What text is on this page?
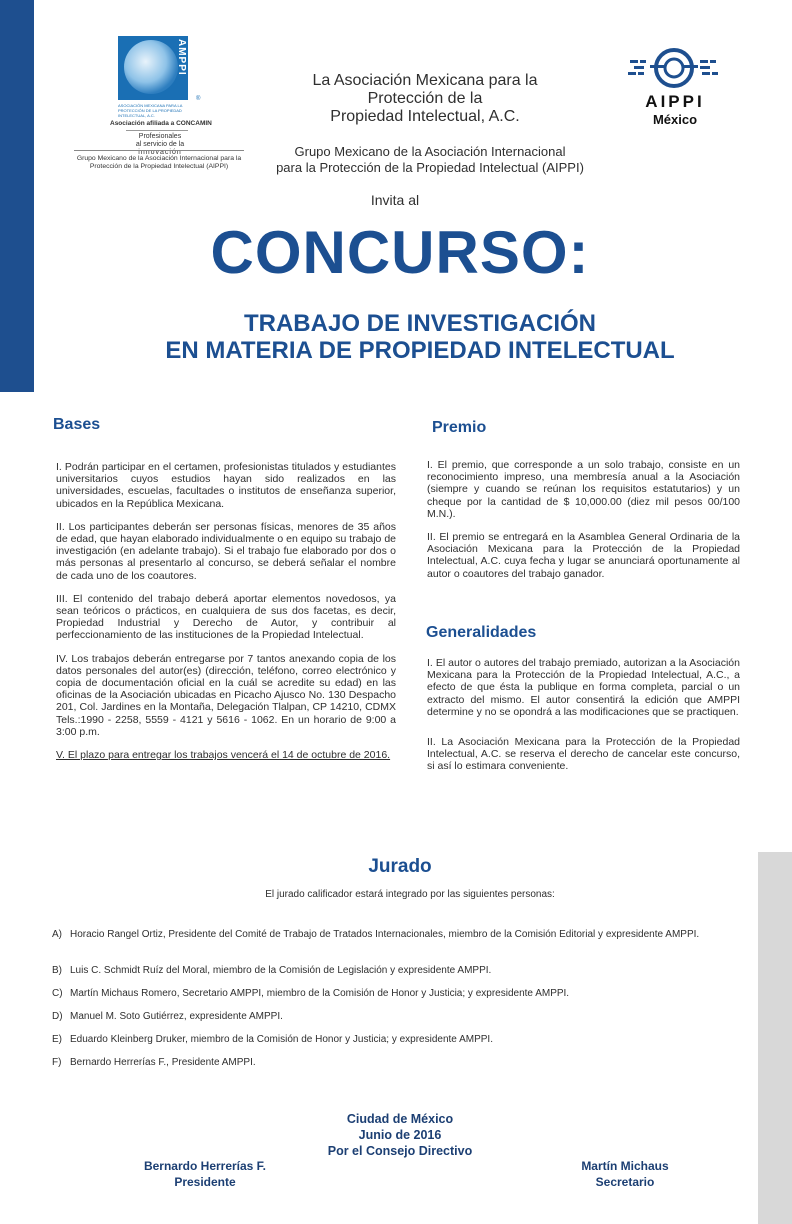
AMPPI
®
ASOCIACIÓN MEXICANA PARA LA PROTECCIÓN DE LA PROPIEDAD INTELECTUAL, A.C.
Asociación afiliada a CONCAMIN
Profesionales
al servicio de la
innovación
Grupo Mexicano de la Asociación Internacional para la Protección de la Propiedad Intelectual (AIPPI)
La Asociación Mexicana para la
Protección de la
Propiedad Intelectual, A.C.
Grupo Mexicano de la Asociación Internacional
para la Protección de la Propiedad Intelectual (AIPPI)
AIPPI
México
Invita al
CONCURSO:
TRABAJO DE INVESTIGACIÓN
EN MATERIA DE PROPIEDAD INTELECTUAL
Bases

I. Podrán participar en el certamen, profesionistas titulados y estudiantes universitarios cuyos estudios hayan sido realizados en las universidades, escuelas, facultades o institutos de enseñanza superior, ubicados en la República Mexicana.

II. Los participantes deberán ser personas físicas, menores de 35 años de edad, que hayan elaborado individualmente o en equipo su trabajo de investigación (en adelante trabajo). Si el trabajo fue elaborado por dos o más personas al presentarlo al concurso, se deberá señalar el nombre de cada uno de los coautores.

III. El contenido del trabajo deberá aportar elementos novedosos, ya sean teóricos o prácticos, en cualquiera de sus dos facetas, es decir, Propiedad Industrial y Derecho de Autor, y contribuir al perfeccionamiento de las instituciones de la Propiedad Intelectual.

IV. Los trabajos deberán entregarse por 7 tantos anexando copia de los datos personales del autor(es) (dirección, teléfono, correo electrónico y copia de documentación oficial en la cuál se acredite su edad) en las oficinas de la Asociación ubicadas en Picacho Ajusco No. 130 Despacho 201, Col. Jardines en la Montaña, Delegación Tlalpan, CP 14210, CDMX Tels.:1990 - 2258, 5559 - 4121 y 5616 - 1062. En un horario de 9:00 a 3:00 p.m.

V. El plazo para entregar los trabajos vencerá el 14 de octubre de 2016.

Premio

I. El premio, que corresponde a un solo trabajo, consiste en un reconocimiento impreso, una membresía anual a la Asociación (siempre y cuando se reúnan los requisitos estatutarios) y un cheque por la cantidad de $ 10,000.00 (diez mil pesos 00/100 M.N.).

II. El premio se entregará en la Asamblea General Ordinaria de la Asociación Mexicana para la Protección de la Propiedad Intelectual, A.C. cuya fecha y lugar se anunciará oportunamente al autor o coautores del trabajo ganador.

Generalidades

I. El autor o autores del trabajo premiado, autorizan a la Asociación Mexicana para la Protección de la Propiedad Intelectual, A.C., a efecto de que ésta la publique en forma completa, parcial o un extracto del mismo. El autor consentirá la edición que AMPPI determine y no se opondrá a las modificaciones que se practiquen.

II. La Asociación Mexicana para la Protección de la Propiedad Intelectual, A.C. se reserva el derecho de cancelar este concurso, si así lo estimara conveniente.

Jurado
El jurado calificador estará integrado por las siguientes personas:
A) Horacio Rangel Ortiz, Presidente del Comité de Trabajo de Tratados Internacionales, miembro de la Comisión Editorial y expresidente AMPPI.
B) Luis C. Schmidt Ruíz del Moral, miembro de la Comisión de Legislación y expresidente AMPPI.
C) Martín Michaus Romero, Secretario AMPPI, miembro de la Comisión de Honor y Justicia; y expresidente AMPPI.
D) Manuel M. Soto Gutiérrez, expresidente AMPPI.
E) Eduardo Kleinberg Druker, miembro de la Comisión de Honor y Justicia; y expresidente AMPPI.
F) Bernardo Herrerías F., Presidente AMPPI.
Ciudad de México
Junio de 2016
Por el Consejo Directivo
Bernardo Herrerías F.
Presidente
Martín Michaus
Secretario
